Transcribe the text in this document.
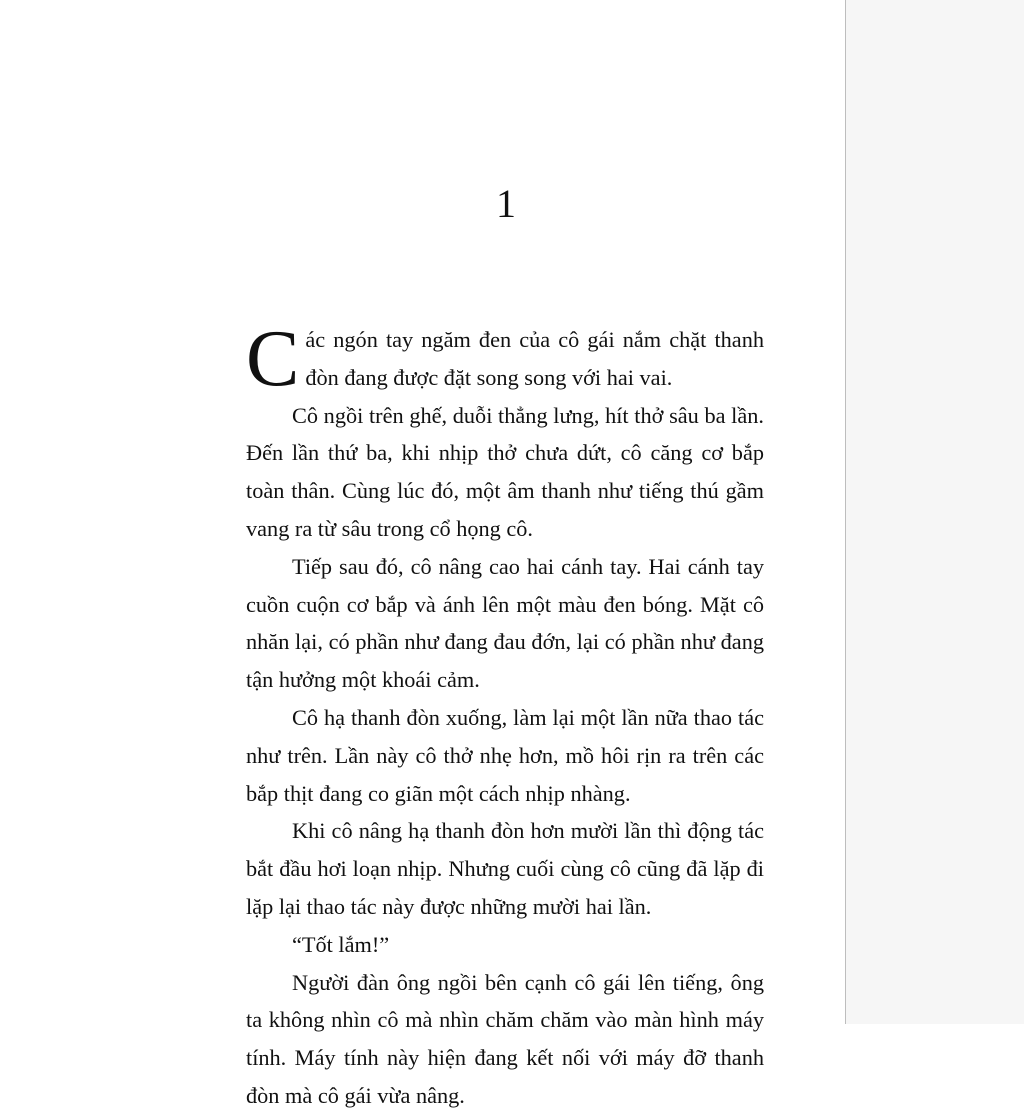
1

Các ngón tay ngăm đen của cô gái nắm chặt thanh đòn đang được đặt song song với hai vai.

Cô ngồi trên ghế, duỗi thẳng lưng, hít thở sâu ba lần. Đến lần thứ ba, khi nhịp thở chưa dứt, cô căng cơ bắp toàn thân. Cùng lúc đó, một âm thanh như tiếng thú gầm vang ra từ sâu trong cổ họng cô.

Tiếp sau đó, cô nâng cao hai cánh tay. Hai cánh tay cuồn cuộn cơ bắp và ánh lên một màu đen bóng. Mặt cô nhăn lại, có phần như đang đau đớn, lại có phần như đang tận hưởng một khoái cảm.

Cô hạ thanh đòn xuống, làm lại một lần nữa thao tác như trên. Lần này cô thở nhẹ hơn, mồ hôi rịn ra trên các bắp thịt đang co giãn một cách nhịp nhàng.

Khi cô nâng hạ thanh đòn hơn mười lần thì động tác bắt đầu hơi loạn nhịp. Nhưng cuối cùng cô cũng đã lặp đi lặp lại thao tác này được những mười hai lần.

“Tốt lắm!”

Người đàn ông ngồi bên cạnh cô gái lên tiếng, ông ta không nhìn cô mà nhìn chăm chăm vào màn hình máy tính. Máy tính này hiện đang kết nối với máy đỡ thanh đòn mà cô gái vừa nâng.
